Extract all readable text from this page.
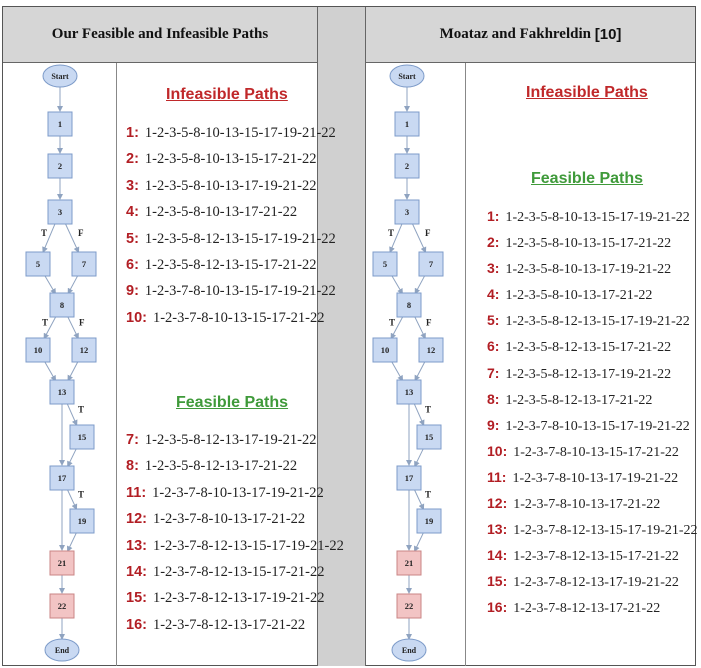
Our Feasible and Infeasible Paths	Moataz and Fakhreldin
[10]
T	F
T	F
T
T
Start
End
1
2
3
5	7
8
10	12
13
15
17
19
21
22
T	F
T	F
T
T
Start
End
1
2
3
5	7
8
10	12
13
15
17
19
21
22
Infeasible Paths
1: 1-2-3-5-8-10-13-15-17-19-21-22
2: 1-2-3-5-8-10-13-15-17-21-22
3: 1-2-3-5-8-10-13-17-19-21-22
4: 1-2-3-5-8-10-13-17-21-22
5: 1-2-3-5-8-12-13-15-17-19-21-22
6: 1-2-3-5-8-12-13-15-17-21-22
9: 1-2-3-7-8-10-13-15-17-19-21-22
10: 1-2-3-7-8-10-13-15-17-21-22
Feasible Paths
7: 1-2-3-5-8-12-13-17-19-21-22
8: 1-2-3-5-8-12-13-17-21-22
11: 1-2-3-7-8-10-13-17-19-21-22
12: 1-2-3-7-8-10-13-17-21-22
13: 1-2-3-7-8-12-13-15-17-19-21-22
14: 1-2-3-7-8-12-13-15-17-21-22
15: 1-2-3-7-8-12-13-17-19-21-22
16: 1-2-3-7-8-12-13-17-21-22
Infeasible Paths
Feasible Paths
1: 1-2-3-5-8-10-13-15-17-19-21-22
2: 1-2-3-5-8-10-13-15-17-21-22
3: 1-2-3-5-8-10-13-17-19-21-22
4: 1-2-3-5-8-10-13-17-21-22
5: 1-2-3-5-8-12-13-15-17-19-21-22
6: 1-2-3-5-8-12-13-15-17-21-22
7: 1-2-3-5-8-12-13-17-19-21-22
8: 1-2-3-5-8-12-13-17-21-22
9: 1-2-3-7-8-10-13-15-17-19-21-22
10: 1-2-3-7-8-10-13-15-17-21-22
11: 1-2-3-7-8-10-13-17-19-21-22
12: 1-2-3-7-8-10-13-17-21-22
13: 1-2-3-7-8-12-13-15-17-19-21-22
14: 1-2-3-7-8-12-13-15-17-21-22
15: 1-2-3-7-8-12-13-17-19-21-22
16: 1-2-3-7-8-12-13-17-21-22
